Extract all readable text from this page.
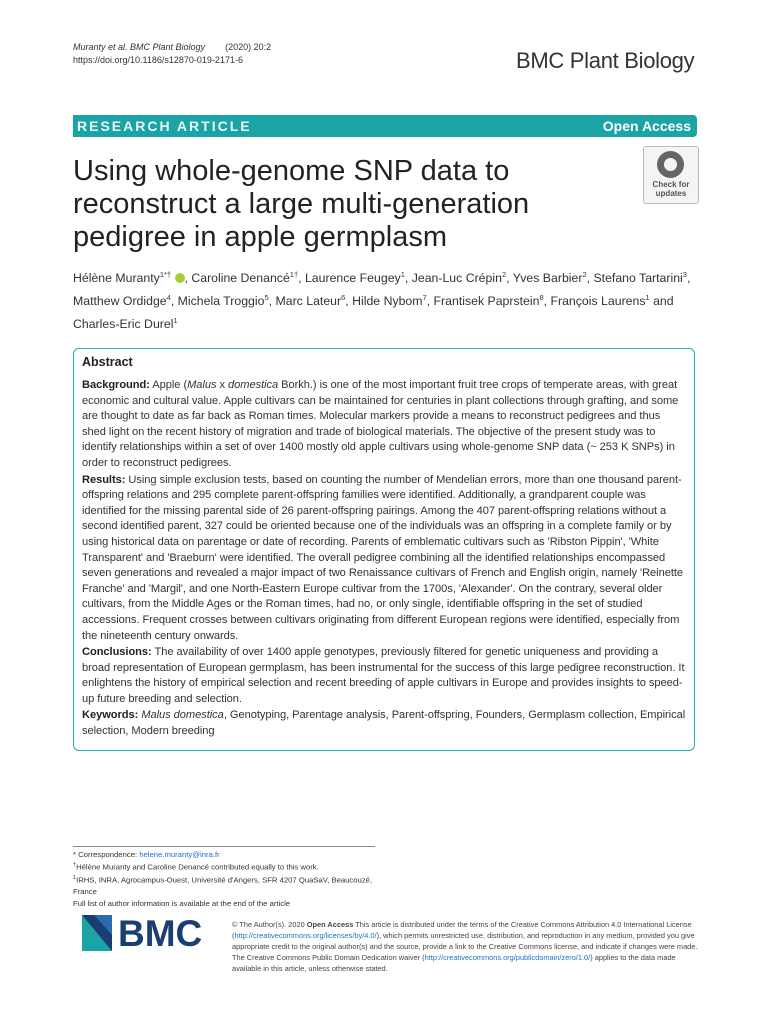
Muranty et al. BMC Plant Biology (2020) 20:2
https://doi.org/10.1186/s12870-019-2171-6	BMC Plant Biology
RESEARCH ARTICLE	Open Access
Using whole-genome SNP data to reconstruct a large multi-generation pedigree in apple germplasm
Check for
updates
Hélène Muranty$^{1*\dagger}$ , Caroline Denancé$^{1\dagger}$, Laurence Feugey$^1$, Jean-Luc Crépin$^2$, Yves Barbier$^2$, Stefano Tartarini$^3$,
Matthew Ordidge$^4$, Michela Troggio$^5$, Marc Lateur$^6$, Hilde Nybom$^7$, Frantisek Paprstein$^8$, François Laurens$^1$ and
Charles-Eric Durel$^1$
Abstract

Background: Apple (Malus x domestica Borkh.) is one of the most important fruit tree crops of temperate areas, with great economic and cultural value. Apple cultivars can be maintained for centuries in plant collections through grafting, and some are thought to date as far back as Roman times. Molecular markers provide a means to reconstruct pedigrees and thus shed light on the recent history of migration and trade of biological materials. The objective of the present study was to identify relationships within a set of over 1400 mostly old apple cultivars using whole-genome SNP data (~ 253 K SNPs) in order to reconstruct pedigrees.

Results: Using simple exclusion tests, based on counting the number of Mendelian errors, more than one thousand parent-offspring relations and 295 complete parent-offspring families were identified. Additionally, a grandparent couple was identified for the missing parental side of 26 parent-offspring pairings. Among the 407 parent-offspring relations without a second identified parent, 327 could be oriented because one of the individuals was an offspring in a complete family or by using historical data on parentage or date of recording. Parents of emblematic cultivars such as 'Ribston Pippin', 'White Transparent' and 'Braeburn' were identified. The overall pedigree combining all the identified relationships encompassed seven generations and revealed a major impact of two Renaissance cultivars of French and English origin, namely 'Reinette Franche' and 'Margil', and one North-Eastern Europe cultivar from the 1700s, 'Alexander'. On the contrary, several older cultivars, from the Middle Ages or the Roman times, had no, or only single, identifiable offspring in the set of studied accessions. Frequent crosses between cultivars originating from different European regions were identified, especially from the nineteenth century onwards.

Conclusions: The availability of over 1400 apple genotypes, previously filtered for genetic uniqueness and providing a broad representation of European germplasm, has been instrumental for the success of this large pedigree reconstruction. It enlightens the history of empirical selection and recent breeding of apple cultivars in Europe and provides insights to speed-up future breeding and selection.

Keywords: Malus domestica, Genotyping, Parentage analysis, Parent-offspring, Founders, Germplasm collection, Empirical selection, Modern breeding

* Correspondence: helene.muranty@inra.fr
†Hélène Muranty and Caroline Denancé contributed equally to this work.
$^1$IRHS, INRA, Agrocampus-Ouest, Université d'Angers, SFR 4207 QuaSaV, Beaucouzé, France
Full list of author information is available at the end of the article
BMC	© The Author(s). 2020 Open Access This article is distributed under the terms of the Creative Commons Attribution 4.0 International License (http://creativecommons.org/licenses/by/4.0/), which permits unrestricted use, distribution, and reproduction in any medium, provided you give appropriate credit to the original author(s) and the source, provide a link to the Creative Commons license, and indicate if changes were made. The Creative Commons Public Domain Dedication waiver (http://creativecommons.org/publicdomain/zero/1.0/) applies to the data made available in this article, unless otherwise stated.
